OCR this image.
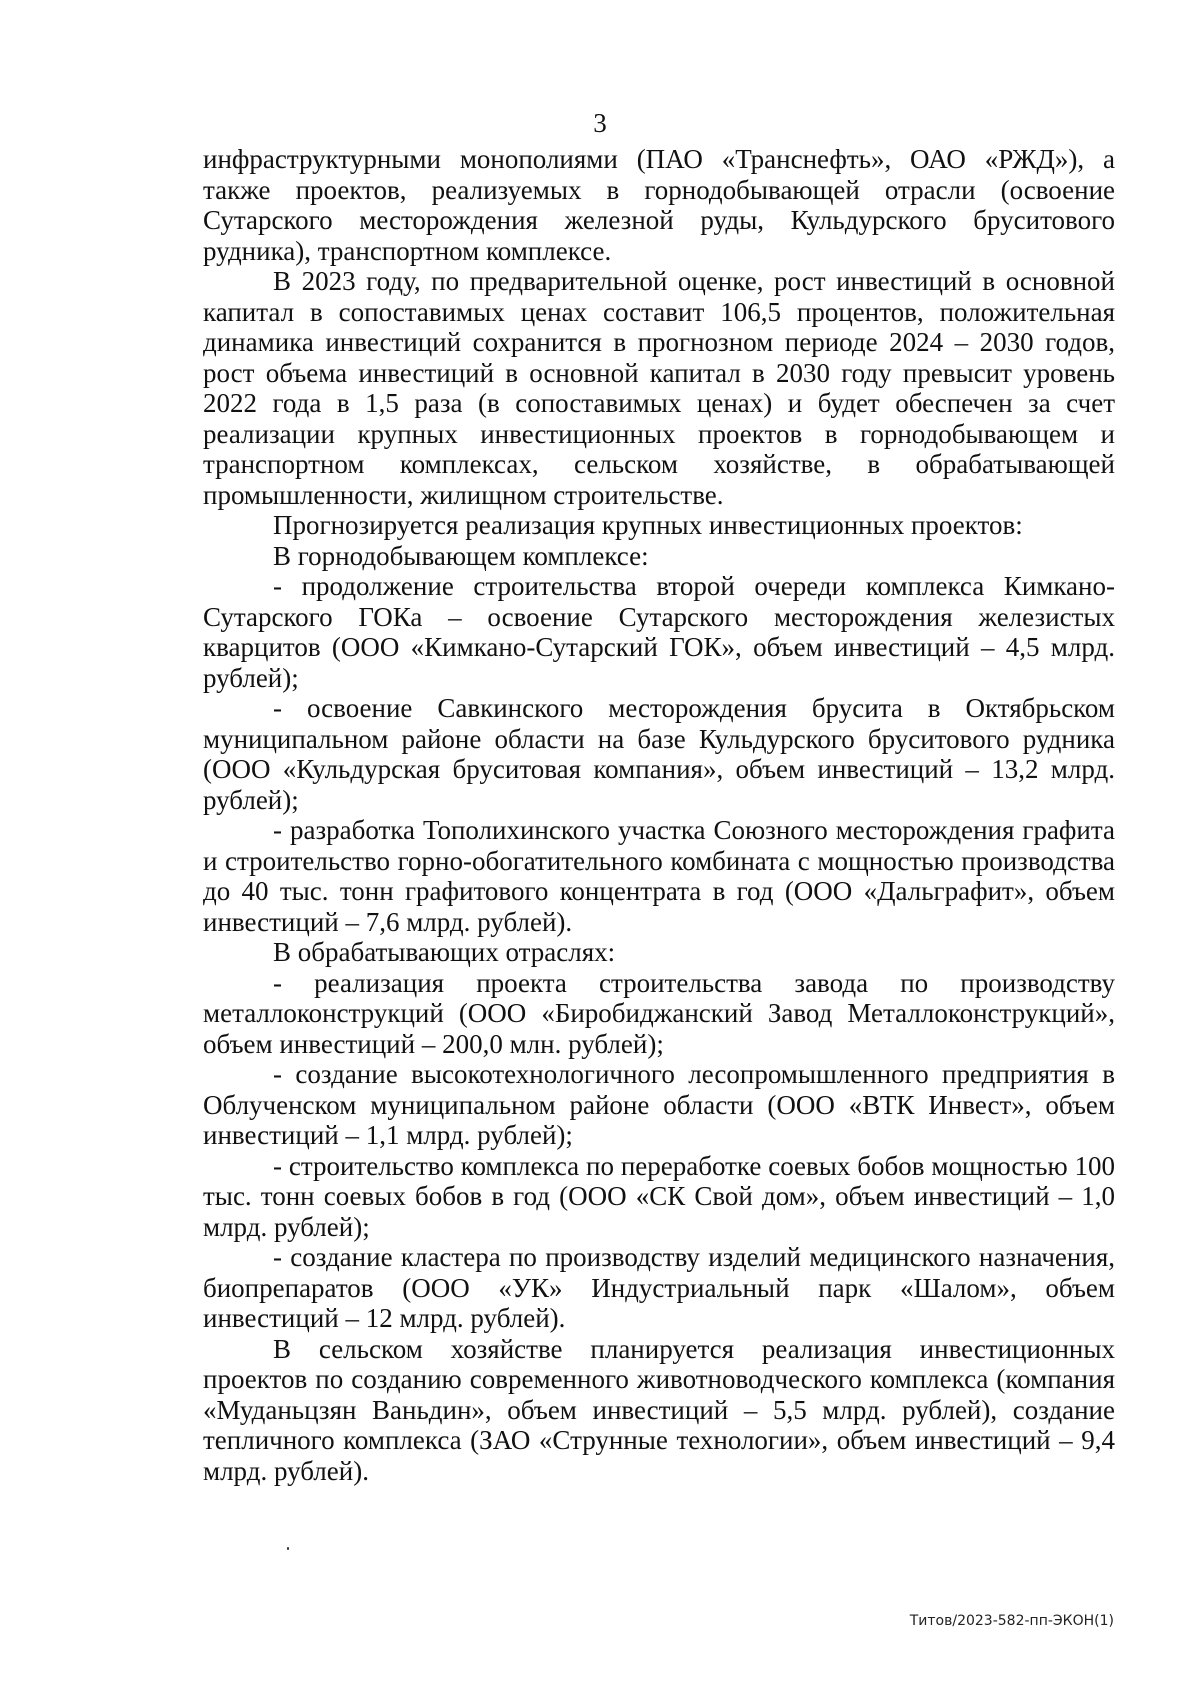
3

инфраструктурными монополиями (ПАО «Транснефть», ОАО «РЖД»), а также проектов, реализуемых в горнодобывающей отрасли (освоение Сутарского месторождения железной руды, Кульдурского бруситового рудника), транспортном комплексе.

В 2023 году, по предварительной оценке, рост инвестиций в основной капитал в сопоставимых ценах составит 106,5 процентов, положительная динамика инвестиций сохранится в прогнозном периоде 2024 – 2030 годов, рост объема инвестиций в основной капитал в 2030 году превысит уровень 2022 года в 1,5 раза (в сопоставимых ценах) и будет обеспечен за счет реализации крупных инвестиционных проектов в горнодобывающем и транспортном комплексах, сельском хозяйстве, в обрабатывающей промышленности, жилищном строительстве.

Прогнозируется реализация крупных инвестиционных проектов:

В горнодобывающем комплексе:

- продолжение строительства второй очереди комплекса Кимкано-Сутарского ГОКа – освоение Сутарского месторождения железистых кварцитов (ООО «Кимкано-Сутарский ГОК», объем инвестиций – 4,5 млрд. рублей);

- освоение Савкинского месторождения брусита в Октябрьском муниципальном районе области на базе Кульдурского бруситового рудника (ООО «Кульдурская бруситовая компания», объем инвестиций – 13,2 млрд. рублей);

- разработка Тополихинского участка Союзного месторождения графита и строительство горно-обогатительного комбината с мощностью производства до 40 тыс. тонн графитового концентрата в год (ООО «Дальграфит», объем инвестиций – 7,6 млрд. рублей).

В обрабатывающих отраслях:

- реализация проекта строительства завода по производству металлоконструкций (ООО «Биробиджанский Завод Металлоконструкций», объем инвестиций – 200,0 млн. рублей);

- создание высокотехнологичного лесопромышленного предприятия в Облученском муниципальном районе области (ООО «ВТК Инвест», объем инвестиций – 1,1 млрд. рублей);

- строительство комплекса по переработке соевых бобов мощностью 100 тыс. тонн соевых бобов в год (ООО «СК Свой дом», объем инвестиций – 1,0 млрд. рублей);

- создание кластера по производству изделий медицинского назначения, биопрепаратов (ООО «УК» Индустриальный парк «Шалом», объем инвестиций – 12 млрд. рублей).

В сельском хозяйстве планируется реализация инвестиционных проектов по созданию современного животноводческого комплекса (компания «Муданьцзян Ваньдин», объем инвестиций – 5,5 млрд. рублей), создание тепличного комплекса (ЗАО «Струнные технологии», объем инвестиций – 9,4 млрд. рублей).

Титов/2023-582-пп-ЭКОН(1)
